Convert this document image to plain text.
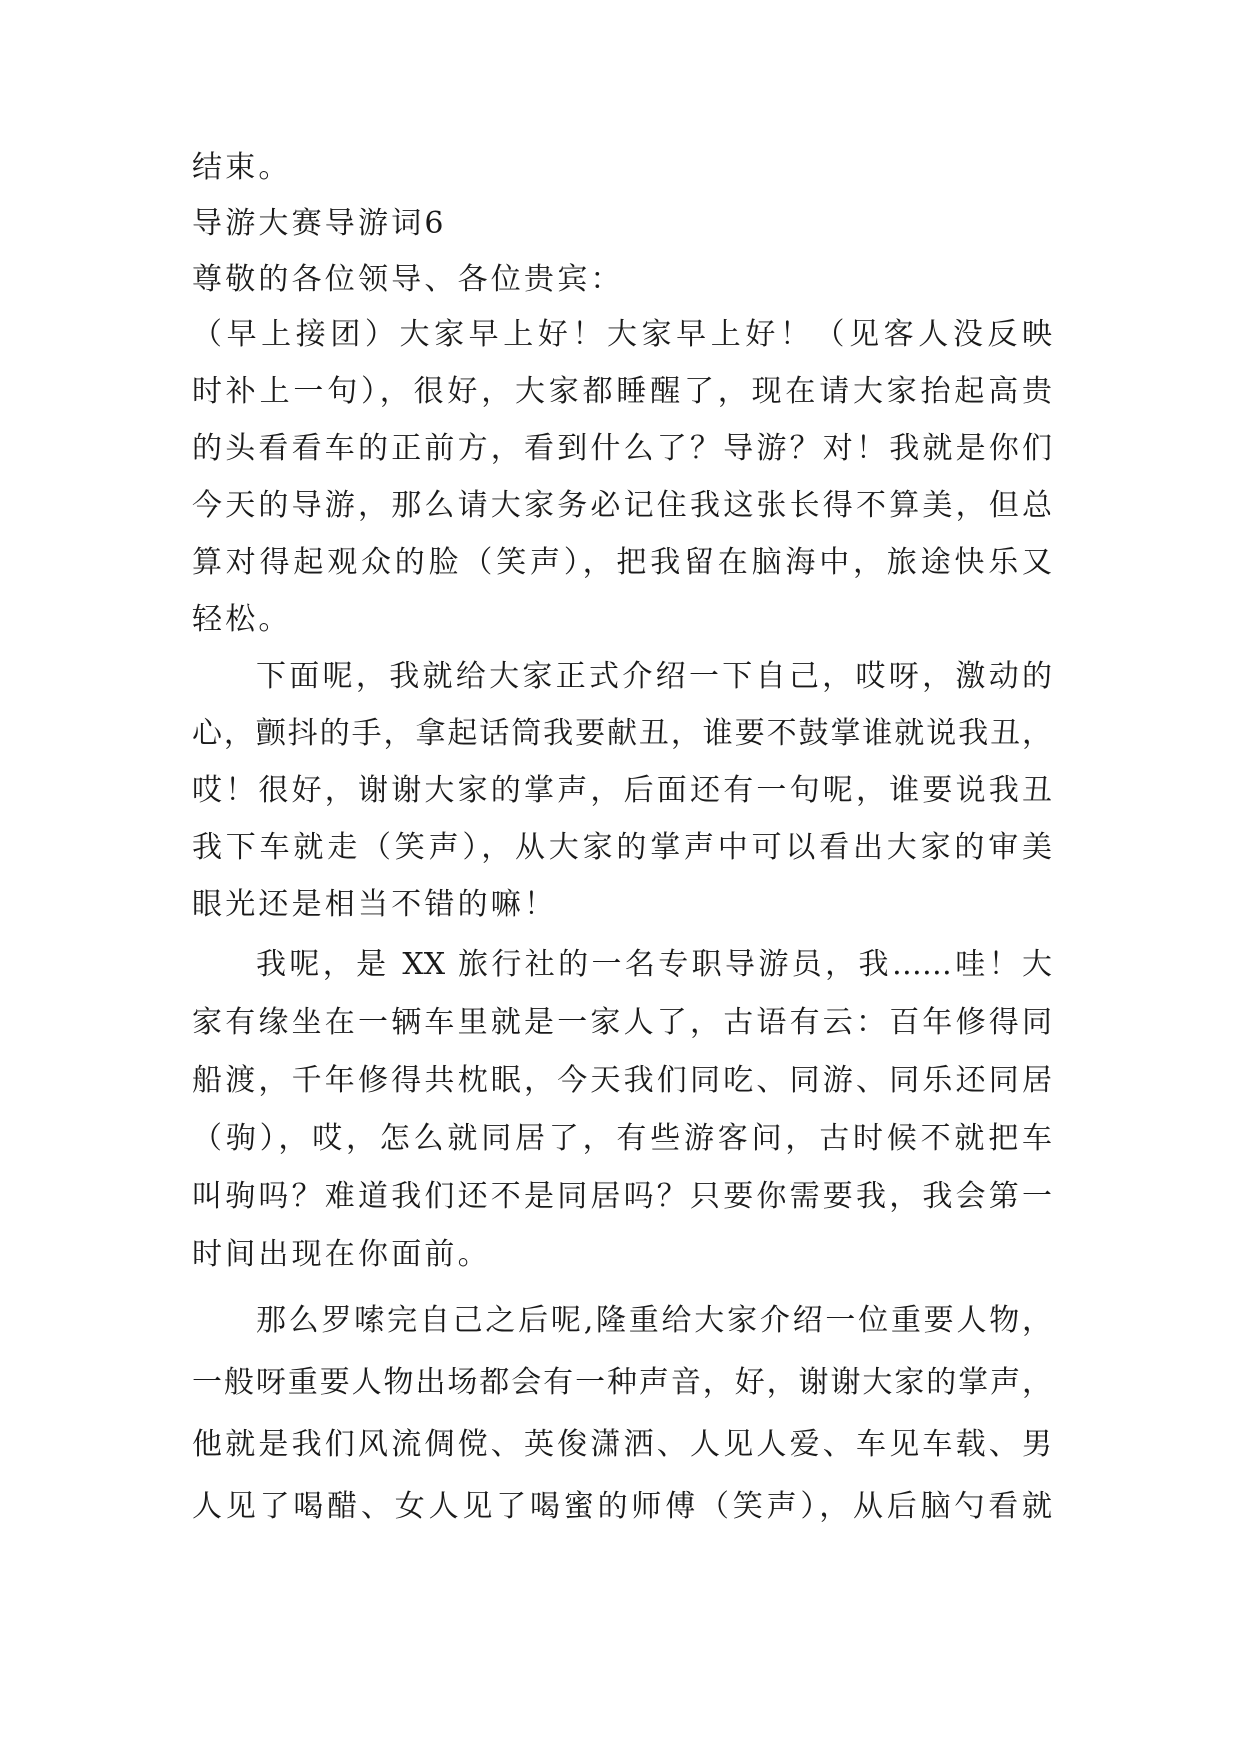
结束。
导游大赛导游词6
尊敬的各位领导、各位贵宾：
（早上接团）大家早上好！大家早上好！（见客人没反映
时补上一句），很好，大家都睡醒了，现在请大家抬起高贵
的头看看车的正前方，看到什么了？导游？对！我就是你们
今天的导游，那么请大家务必记住我这张长得不算美，但总
算对得起观众的脸（笑声），把我留在脑海中，旅途快乐又
轻松。
下面呢，我就给大家正式介绍一下自己，哎呀，激动的
心，颤抖的手，拿起话筒我要献丑，谁要不鼓掌谁就说我丑，
哎！很好，谢谢大家的掌声，后面还有一句呢，谁要说我丑
我下车就走（笑声），从大家的掌声中可以看出大家的审美
眼光还是相当不错的嘛！
我呢，是 XX 旅行社的一名专职导游员，我……哇！大
家有缘坐在一辆车里就是一家人了，古语有云：百年修得同
船渡，千年修得共枕眠，今天我们同吃、同游、同乐还同居
（驹），哎，怎么就同居了，有些游客问，古时候不就把车
叫驹吗？难道我们还不是同居吗？只要你需要我，我会第一
时间出现在你面前。
那么罗嗦完自己之后呢,隆重给大家介绍一位重要人物，
一般呀重要人物出场都会有一种声音，好，谢谢大家的掌声，
他就是我们风流倜傥、英俊潇洒、人见人爱、车见车载、男
人见了喝醋、女人见了喝蜜的师傅（笑声），从后脑勺看就
